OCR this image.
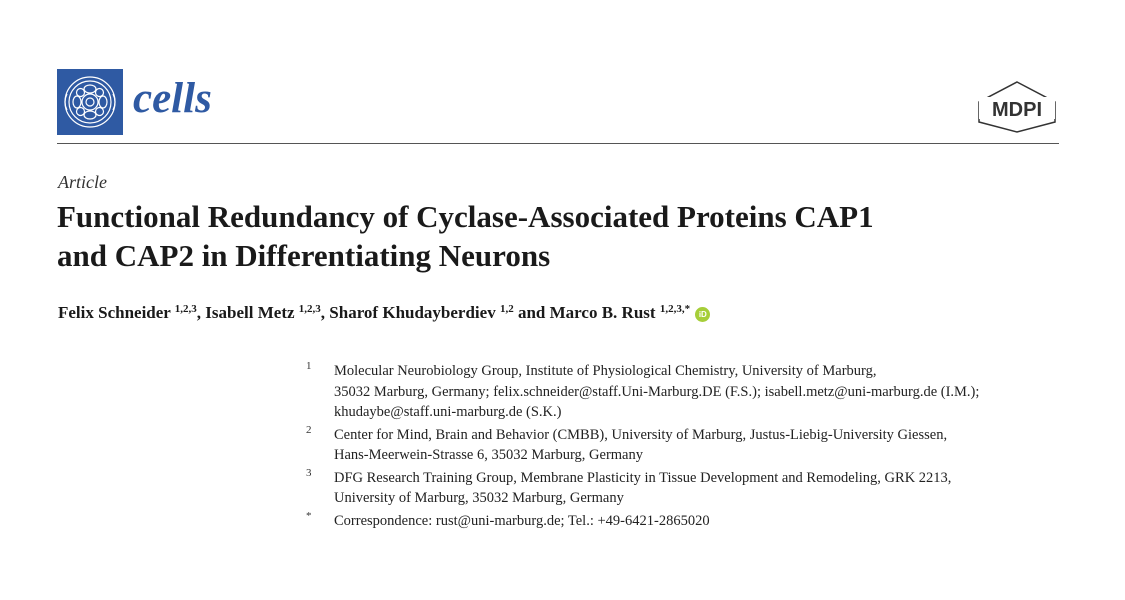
cells	MDPI
Article
Functional Redundancy of Cyclase-Associated Proteins CAP1
and CAP2 in Differentiating Neurons
Felix Schneider $^{1,2,3}$, Isabell Metz $^{1,2,3}$, Sharof Khudayberdiev $^{1,2}$ and Marco B. Rust $^{1,2,3,*}$ iD
1 Molecular Neurobiology Group, Institute of Physiological Chemistry, University of Marburg,
35032 Marburg, Germany; felix.schneider@staff.Uni-Marburg.DE (F.S.); isabell.metz@uni-marburg.de (I.M.);
khudaybe@staff.uni-marburg.de (S.K.)
2 Center for Mind, Brain and Behavior (CMBB), University of Marburg, Justus-Liebig-University Giessen,
Hans-Meerwein-Strasse 6, 35032 Marburg, Germany
3 DFG Research Training Group, Membrane Plasticity in Tissue Development and Remodeling, GRK 2213,
University of Marburg, 35032 Marburg, Germany
* Correspondence: rust@uni-marburg.de; Tel.: +49-6421-2865020
